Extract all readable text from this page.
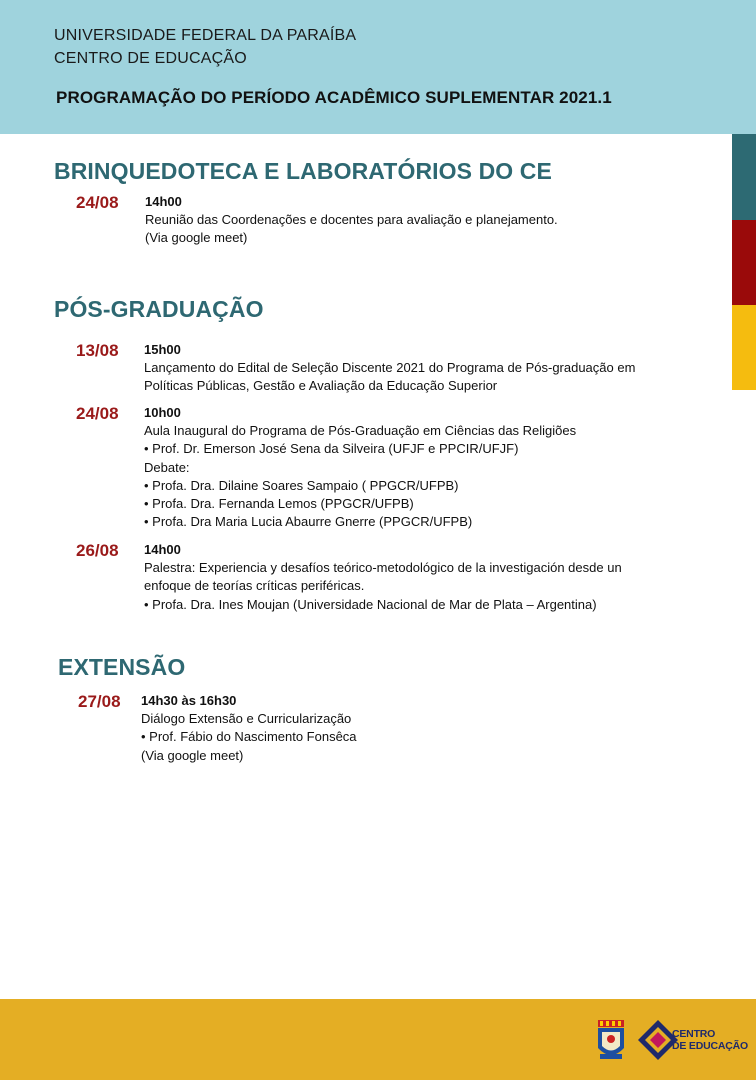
UNIVERSIDADE FEDERAL DA PARAÍBA
CENTRO DE EDUCAÇÃO
PROGRAMAÇÃO DO PERÍODO ACADÊMICO SUPLEMENTAR 2021.1
BRINQUEDOTECA E LABORATÓRIOS DO CE
24/08 14h00
Reunião das Coordenações e docentes para avaliação e planejamento.
(Via google meet)
PÓS-GRADUAÇÃO
13/08 15h00
Lançamento do Edital de Seleção Discente 2021 do Programa de Pós-graduação em
Políticas Públicas, Gestão e Avaliação da Educação Superior
24/08 10h00
Aula Inaugural do Programa de Pós-Graduação em Ciências das Religiões
• Prof. Dr. Emerson José Sena da Silveira (UFJF e PPCIR/UFJF)
Debate:
• Profa. Dra. Dilaine Soares Sampaio ( PPGCR/UFPB)
• Profa. Dra. Fernanda Lemos (PPGCR/UFPB)
• Profa. Dra Maria Lucia Abaurre Gnerre (PPGCR/UFPB)
26/08 14h00
Palestra: Experiencia y desafíos teórico-metodológico de la investigación desde un
enfoque de teorías críticas periféricas.
• Profa. Dra. Ines Moujan (Universidade Nacional de Mar de Plata – Argentina)
EXTENSÃO
27/08 14h30 às 16h30
Diálogo Extensão e Curricularização
• Prof. Fábio do Nascimento Fonsêca
(Via google meet)
CENTRO
DE EDUCAÇÃO
